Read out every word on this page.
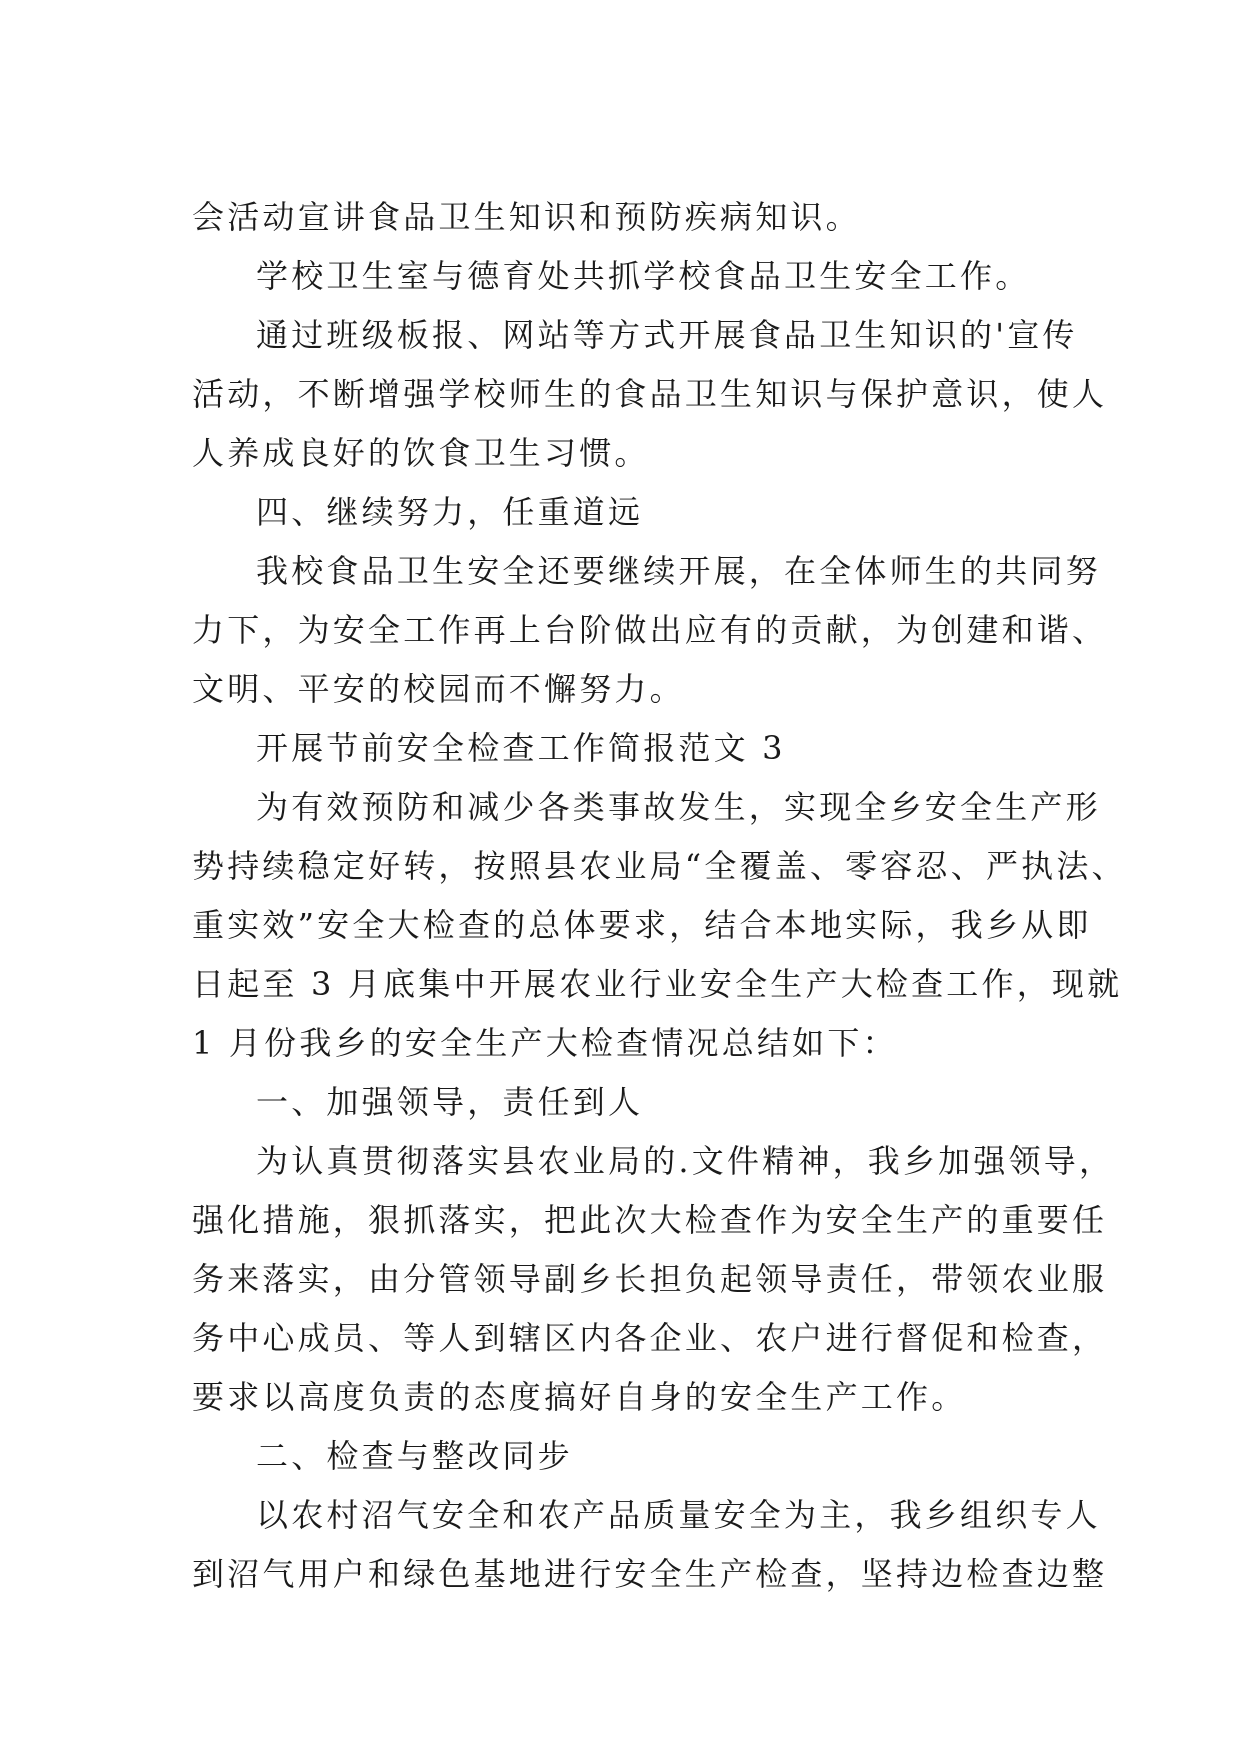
会活动宣讲食品卫生知识和预防疾病知识。

学校卫生室与德育处共抓学校食品卫生安全工作。

通过班级板报、网站等方式开展食品卫生知识的'宣传

活动，不断增强学校师生的食品卫生知识与保护意识，使人

人养成良好的饮食卫生习惯。

四、继续努力，任重道远

我校食品卫生安全还要继续开展，在全体师生的共同努

力下，为安全工作再上台阶做出应有的贡献，为创建和谐、

文明、平安的校园而不懈努力。

开展节前安全检查工作简报范文 3

为有效预防和减少各类事故发生，实现全乡安全生产形

势持续稳定好转，按照县农业局“全覆盖、零容忍、严执法、

重实效”安全大检查的总体要求，结合本地实际，我乡从即

日起至 3 月底集中开展农业行业安全生产大检查工作，现就

1 月份我乡的安全生产大检查情况总结如下：

一、加强领导，责任到人

为认真贯彻落实县农业局的.文件精神，我乡加强领导，

强化措施，狠抓落实，把此次大检查作为安全生产的重要任

务来落实，由分管领导副乡长担负起领导责任，带领农业服

务中心成员、等人到辖区内各企业、农户进行督促和检查，

要求以高度负责的态度搞好自身的安全生产工作。

二、检查与整改同步

以农村沼气安全和农产品质量安全为主，我乡组织专人

到沼气用户和绿色基地进行安全生产检查，坚持边检查边整
